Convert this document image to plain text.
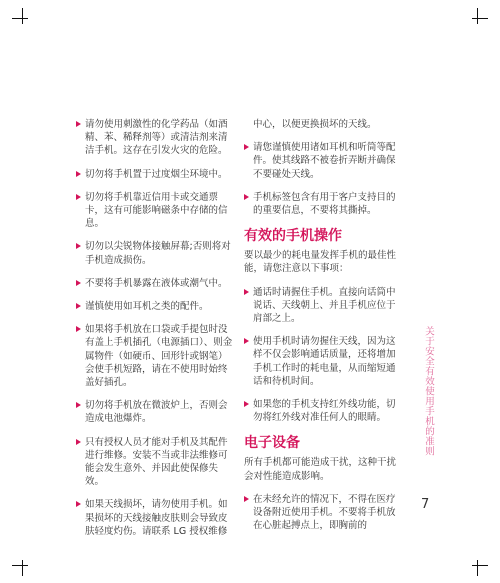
请勿使用刺激性的化学药品（如酒精、苯、稀释剂等）或清洁剂来清洁手机。这存在引发火灾的危险。
切勿将手机置于过度烟尘环境中。
切勿将手机靠近信用卡或交通票卡，这有可能影响磁条中存储的信息。
切勿以尖锐物体接触屏幕;否则将对手机造成损伤。
不要将手机暴露在液体或潮气中。
谨慎使用如耳机之类的配件。
如果将手机放在口袋或手提包时没有盖上手机插孔（电源插口）、则金属物件（如硬币、回形针或钢笔）会使手机短路，请在不使用时始终盖好插孔。
切勿将手机放在微波炉上，否则会造成电池爆炸。
只有授权人员才能对手机及其配件进行维修。安装不当或非法维修可能会发生意外、并因此使保修失效。
如果天线损坏，请勿使用手机。如果损坏的天线接触皮肤则会导致皮肤轻度灼伤。请联系 LG 授权维修
中心，以便更换损坏的天线。
请您谨慎使用诸如耳机和听筒等配件。使其线路不被卷折弄断并确保不要碰处天线。
手机标签包含有用于客户支持目的的重要信息，不要将其撕掉。
有效的手机操作
要以最少的耗电量发挥手机的最佳性能，请您注意以下事项：
通话时请握住手机。直接向话筒中说话、天线朝上、并且手机应位于肩部之上。
使用手机时请勿握住天线，因为这样不仅会影响通话质量，还将增加手机工作时的耗电量，从而缩短通话和待机时间。
如果您的手机支持红外线功能，切勿将红外线对准任何人的眼睛。
电子设备
所有手机都可能造成干扰，这种干扰会对性能造成影响。
在未经允许的情况下，不得在医疗设备附近使用手机。不要将手机放在心脏起搏点上，即胸前的
关于安全有效使用手机的准则
7
